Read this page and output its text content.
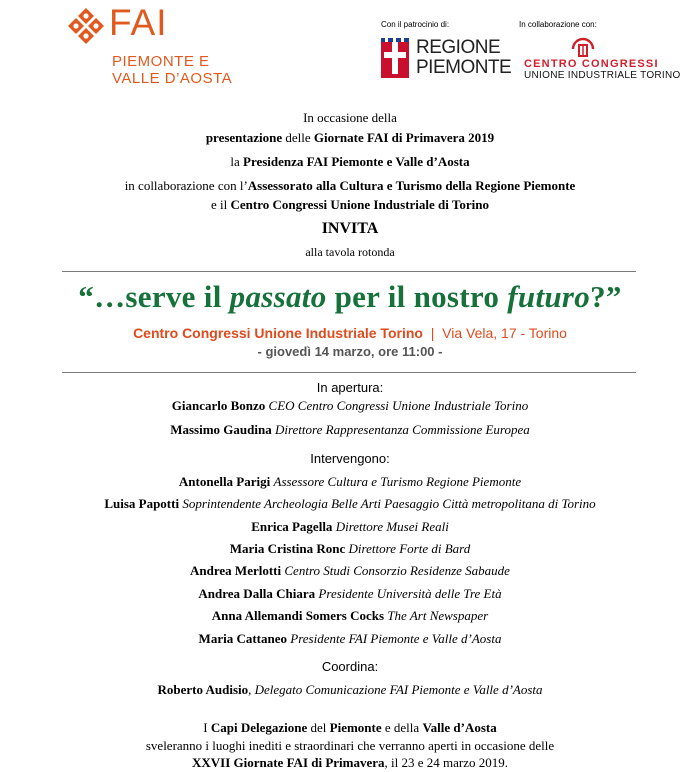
FAI
PIEMONTE E
VALLE D’AOSTA
Con il patrocinio di:	In collaborazione con:
REGIONE
PIEMONTE CENTRO CONGRESSI
UNIONE INDUSTRIALE TORINO
In occasione della
presentazione delle Giornate FAI di Primavera 2019
la Presidenza FAI Piemonte e Valle d’Aosta
in collaborazione con l’Assessorato alla Cultura e Turismo della Regione Piemonte
e il Centro Congressi Unione Industriale di Torino
INVITA
alla tavola rotonda
“…serve il passato per il nostro futuro?”
Centro Congressi Unione Industriale Torino  |  Via Vela, 17 - Torino
- giovedì 14 marzo, ore 11:00 -
In apertura:
Giancarlo Bonzo CEO Centro Congressi Unione Industriale Torino
Massimo Gaudina Direttore Rappresentanza Commissione Europea
Intervengono:
Antonella Parigi Assessore Cultura e Turismo Regione Piemonte
Luisa Papotti Soprintendente Archeologia Belle Arti Paesaggio Città metropolitana di Torino
Enrica Pagella Direttore Musei Reali
Maria Cristina Ronc Direttore Forte di Bard
Andrea Merlotti Centro Studi Consorzio Residenze Sabaude
Andrea Dalla Chiara Presidente Università delle Tre Età
Anna Allemandi Somers Cocks The Art Newspaper
Maria Cattaneo Presidente FAI Piemonte e Valle d’Aosta
Coordina:
Roberto Audisio, Delegato Comunicazione FAI Piemonte e Valle d’Aosta
I Capi Delegazione del Piemonte e della Valle d’Aosta
sveleranno i luoghi inediti e straordinari che verranno aperti in occasione delle
XXVII Giornate FAI di Primavera, il 23 e 24 marzo 2019.
